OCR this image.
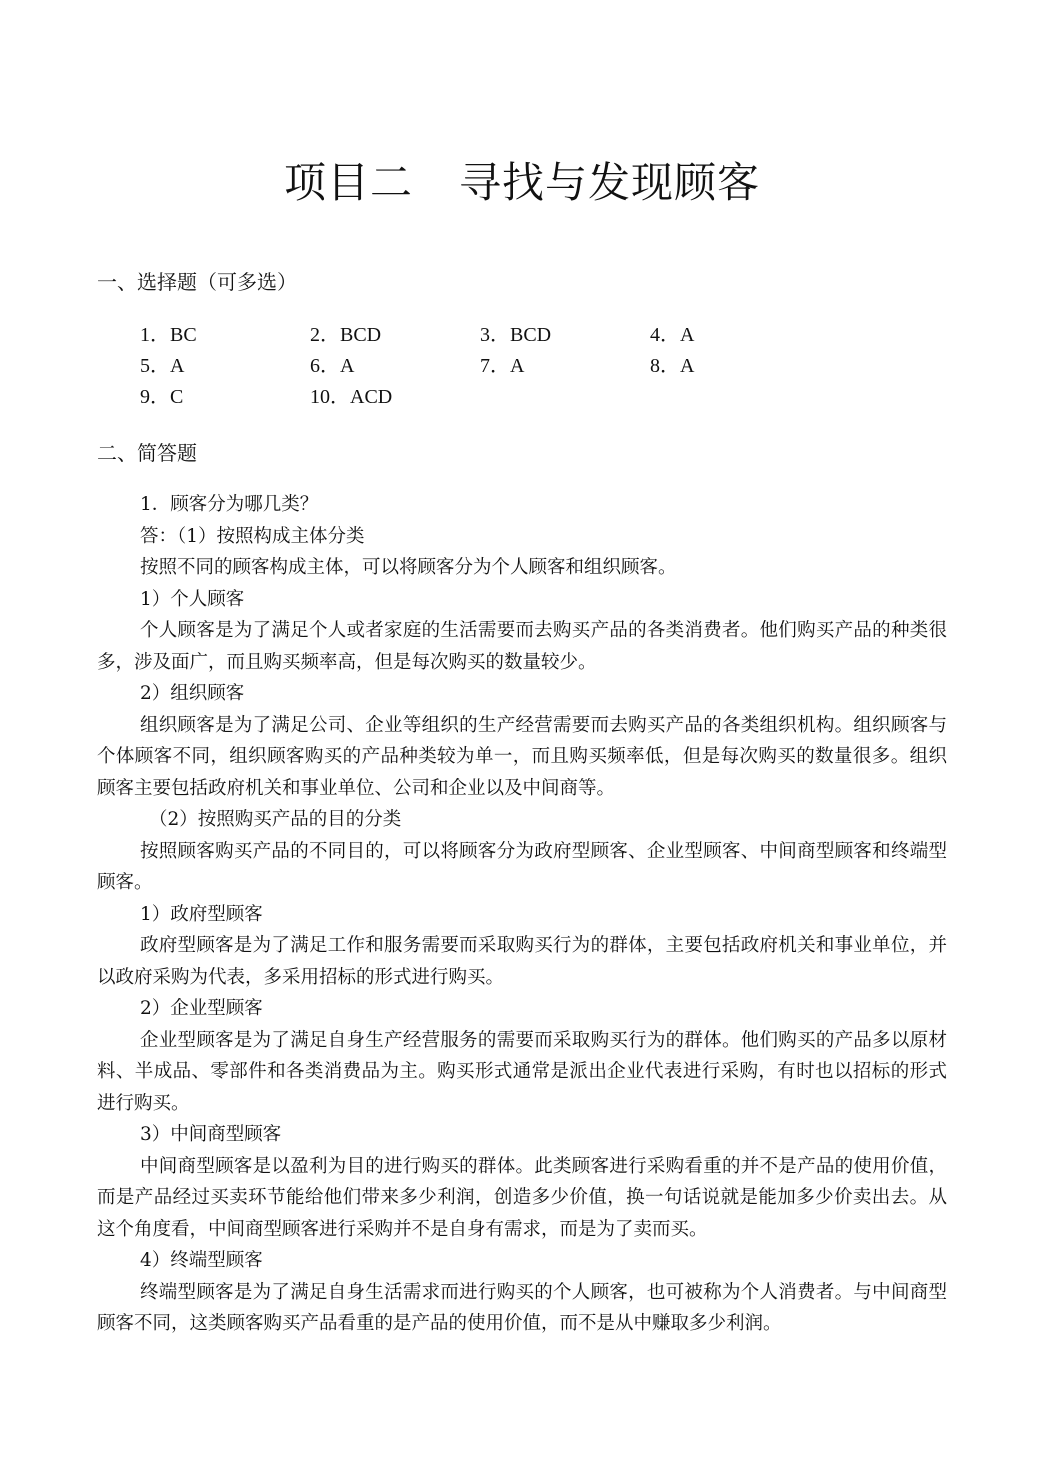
项目二 寻找与发现顾客
一、选择题（可多选）
1．BC	2．BCD	3．BCD	4．A
5．A	6．A	7．A	8．A
9．C	10．ACD
二、简答题

1．顾客分为哪几类？

答：（1）按照构成主体分类

按照不同的顾客构成主体，可以将顾客分为个人顾客和组织顾客。

1）个人顾客

个人顾客是为了满足个人或者家庭的生活需要而去购买产品的各类消费者。他们购买产品的种类很多，涉及面广，而且购买频率高，但是每次购买的数量较少。

2）组织顾客

组织顾客是为了满足公司、企业等组织的生产经营需要而去购买产品的各类组织机构。组织顾客与个体顾客不同，组织顾客购买的产品种类较为单一，而且购买频率低，但是每次购买的数量很多。组织顾客主要包括政府机关和事业单位、公司和企业以及中间商等。

（2）按照购买产品的目的分类

按照顾客购买产品的不同目的，可以将顾客分为政府型顾客、企业型顾客、中间商型顾客和终端型顾客。

1）政府型顾客

政府型顾客是为了满足工作和服务需要而采取购买行为的群体，主要包括政府机关和事业单位，并以政府采购为代表，多采用招标的形式进行购买。

2）企业型顾客

企业型顾客是为了满足自身生产经营服务的需要而采取购买行为的群体。他们购买的产品多以原材料、半成品、零部件和各类消费品为主。购买形式通常是派出企业代表进行采购，有时也以招标的形式进行购买。

3）中间商型顾客

中间商型顾客是以盈利为目的进行购买的群体。此类顾客进行采购看重的并不是产品的使用价值，而是产品经过买卖环节能给他们带来多少利润，创造多少价值，换一句话说就是能加多少价卖出去。从这个角度看，中间商型顾客进行采购并不是自身有需求，而是为了卖而买。

4）终端型顾客

终端型顾客是为了满足自身生活需求而进行购买的个人顾客，也可被称为个人消费者。与中间商型顾客不同，这类顾客购买产品看重的是产品的使用价值，而不是从中赚取多少利润。
